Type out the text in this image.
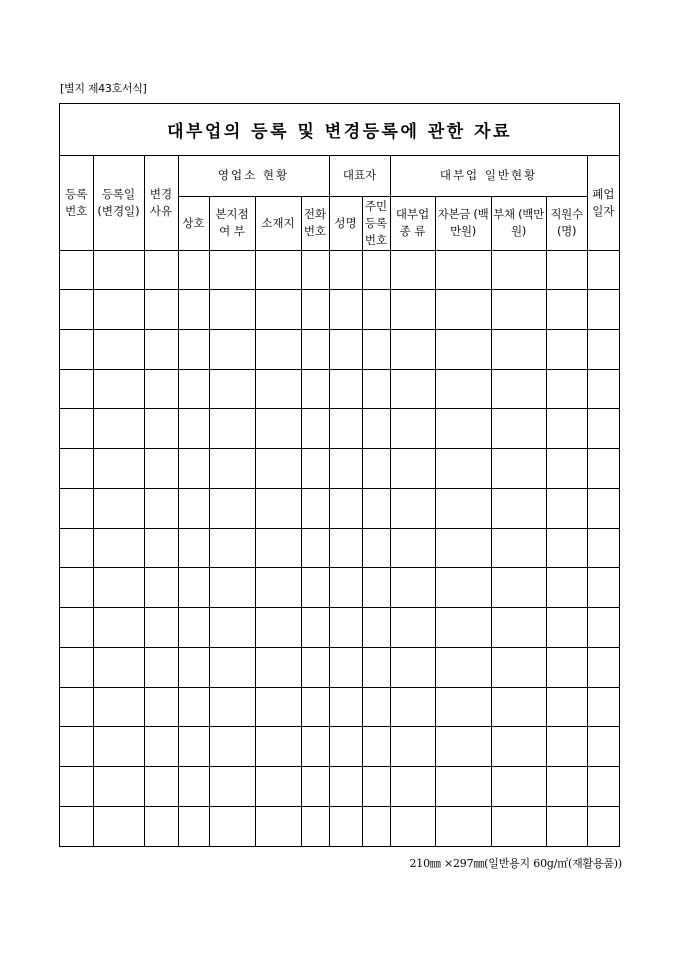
[별지 제43호서식]
대부업의 등록 및 변경등록에 관한 자료
등록 번호	등록일 (변경일)	변경 사유	영업소 현황				대표자		대부업 일반현황				폐업 일자
			상호	본지점 여 부	소재지	전화 번호	성명	주민 등록 번호	대부업 종 류	자본금 (백만원)	부채 (백만원)	직원수 (명)	

210㎜ ×297㎜(일반용지 60g/㎡(재활용품))
